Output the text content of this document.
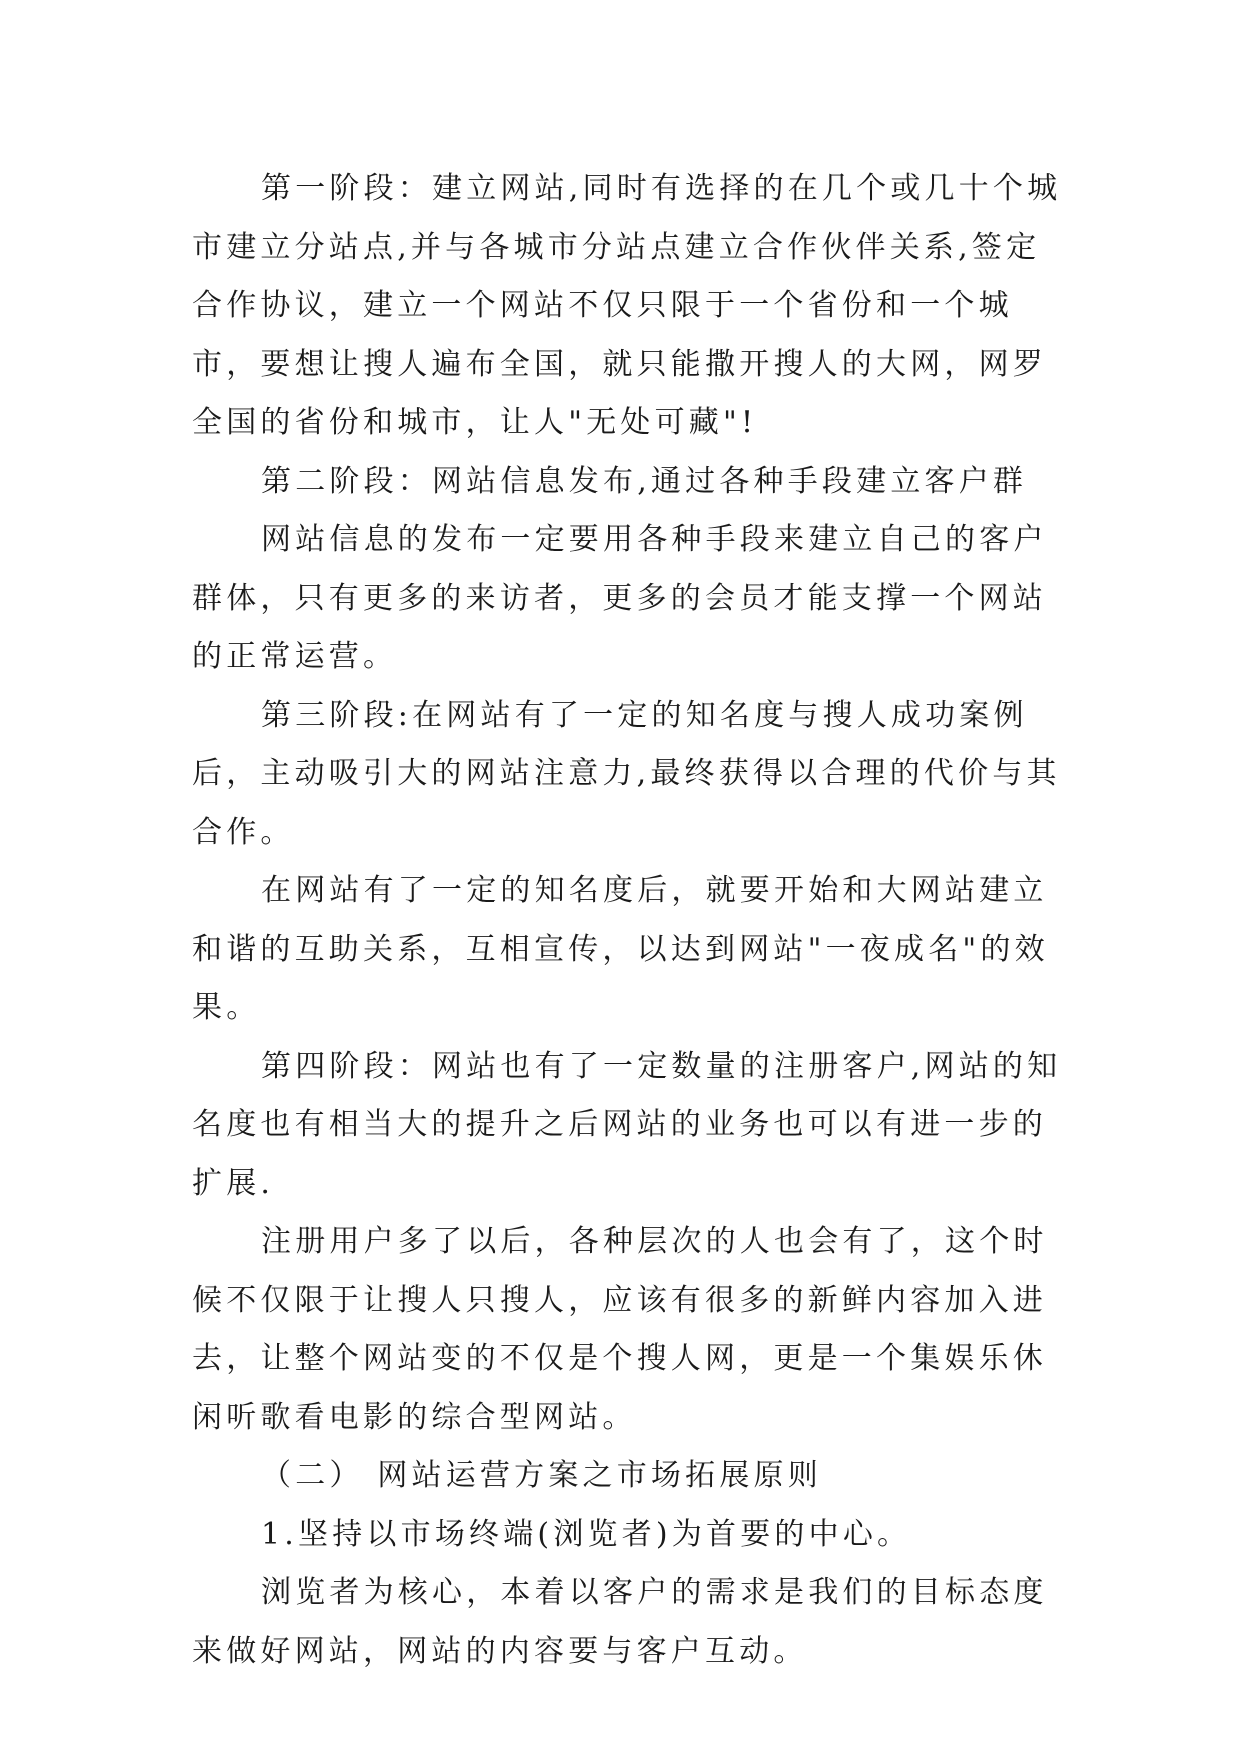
第一阶段：建立网站,同时有选择的在几个或几十个城市建立分站点,并与各城市分站点建立合作伙伴关系,签定合作协议，建立一个网站不仅只限于一个省份和一个城市，要想让搜人遍布全国，就只能撒开搜人的大网，网罗全国的省份和城市，让人"无处可藏"!

第二阶段：网站信息发布,通过各种手段建立客户群

网站信息的发布一定要用各种手段来建立自己的客户群体，只有更多的来访者，更多的会员才能支撑一个网站的正常运营。

第三阶段:在网站有了一定的知名度与搜人成功案例后，主动吸引大的网站注意力,最终获得以合理的代价与其合作。

在网站有了一定的知名度后，就要开始和大网站建立和谐的互助关系，互相宣传，以达到网站"一夜成名"的效果。

第四阶段：网站也有了一定数量的注册客户,网站的知名度也有相当大的提升之后网站的业务也可以有进一步的扩展.

注册用户多了以后，各种层次的人也会有了，这个时候不仅限于让搜人只搜人，应该有很多的新鲜内容加入进去，让整个网站变的不仅是个搜人网，更是一个集娱乐休闲听歌看电影的综合型网站。

（二） 网站运营方案之市场拓展原则

1.坚持以市场终端(浏览者)为首要的中心。

浏览者为核心，本着以客户的需求是我们的目标态度来做好网站，网站的内容要与客户互动。
